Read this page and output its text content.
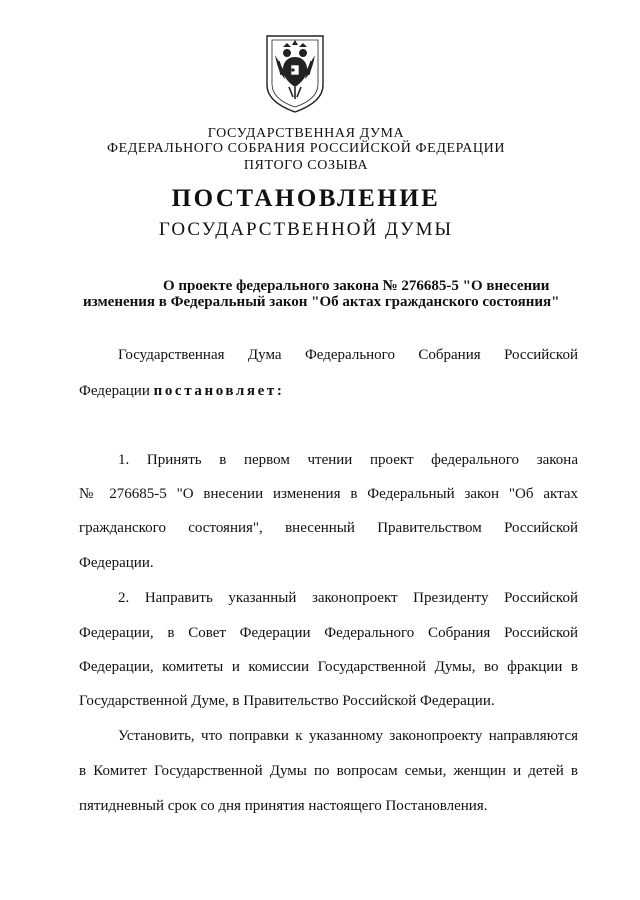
ГОСУДАРСТВЕННАЯ ДУМА
ФЕДЕРАЛЬНОГО СОБРАНИЯ РОССИЙСКОЙ ФЕДЕРАЦИИ
ПЯТОГО СОЗЫВА
ПОСТАНОВЛЕНИЕ
ГОСУДАРСТВЕННОЙ ДУМЫ
О проекте федерального закона № 276685-5 "О внесении
изменения в Федеральный закон "Об актах гражданского состояния"
Государственная Дума Федерального Собрания Российской
Федерации постановляет:
1. Принять в первом чтении проект федерального закона
№ 276685-5 "О внесении изменения в Федеральный закон "Об актах
гражданского состояния", внесенный Правительством Российской
Федерации.
2. Направить указанный законопроект Президенту Российской
Федерации, в Совет Федерации Федерального Собрания Российской
Федерации, комитеты и комиссии Государственной Думы, во фракции в
Государственной Думе, в Правительство Российской Федерации.
Установить, что поправки к указанному законопроекту направляются
в Комитет Государственной Думы по вопросам семьи, женщин и детей в
пятидневный срок со дня принятия настоящего Постановления.
